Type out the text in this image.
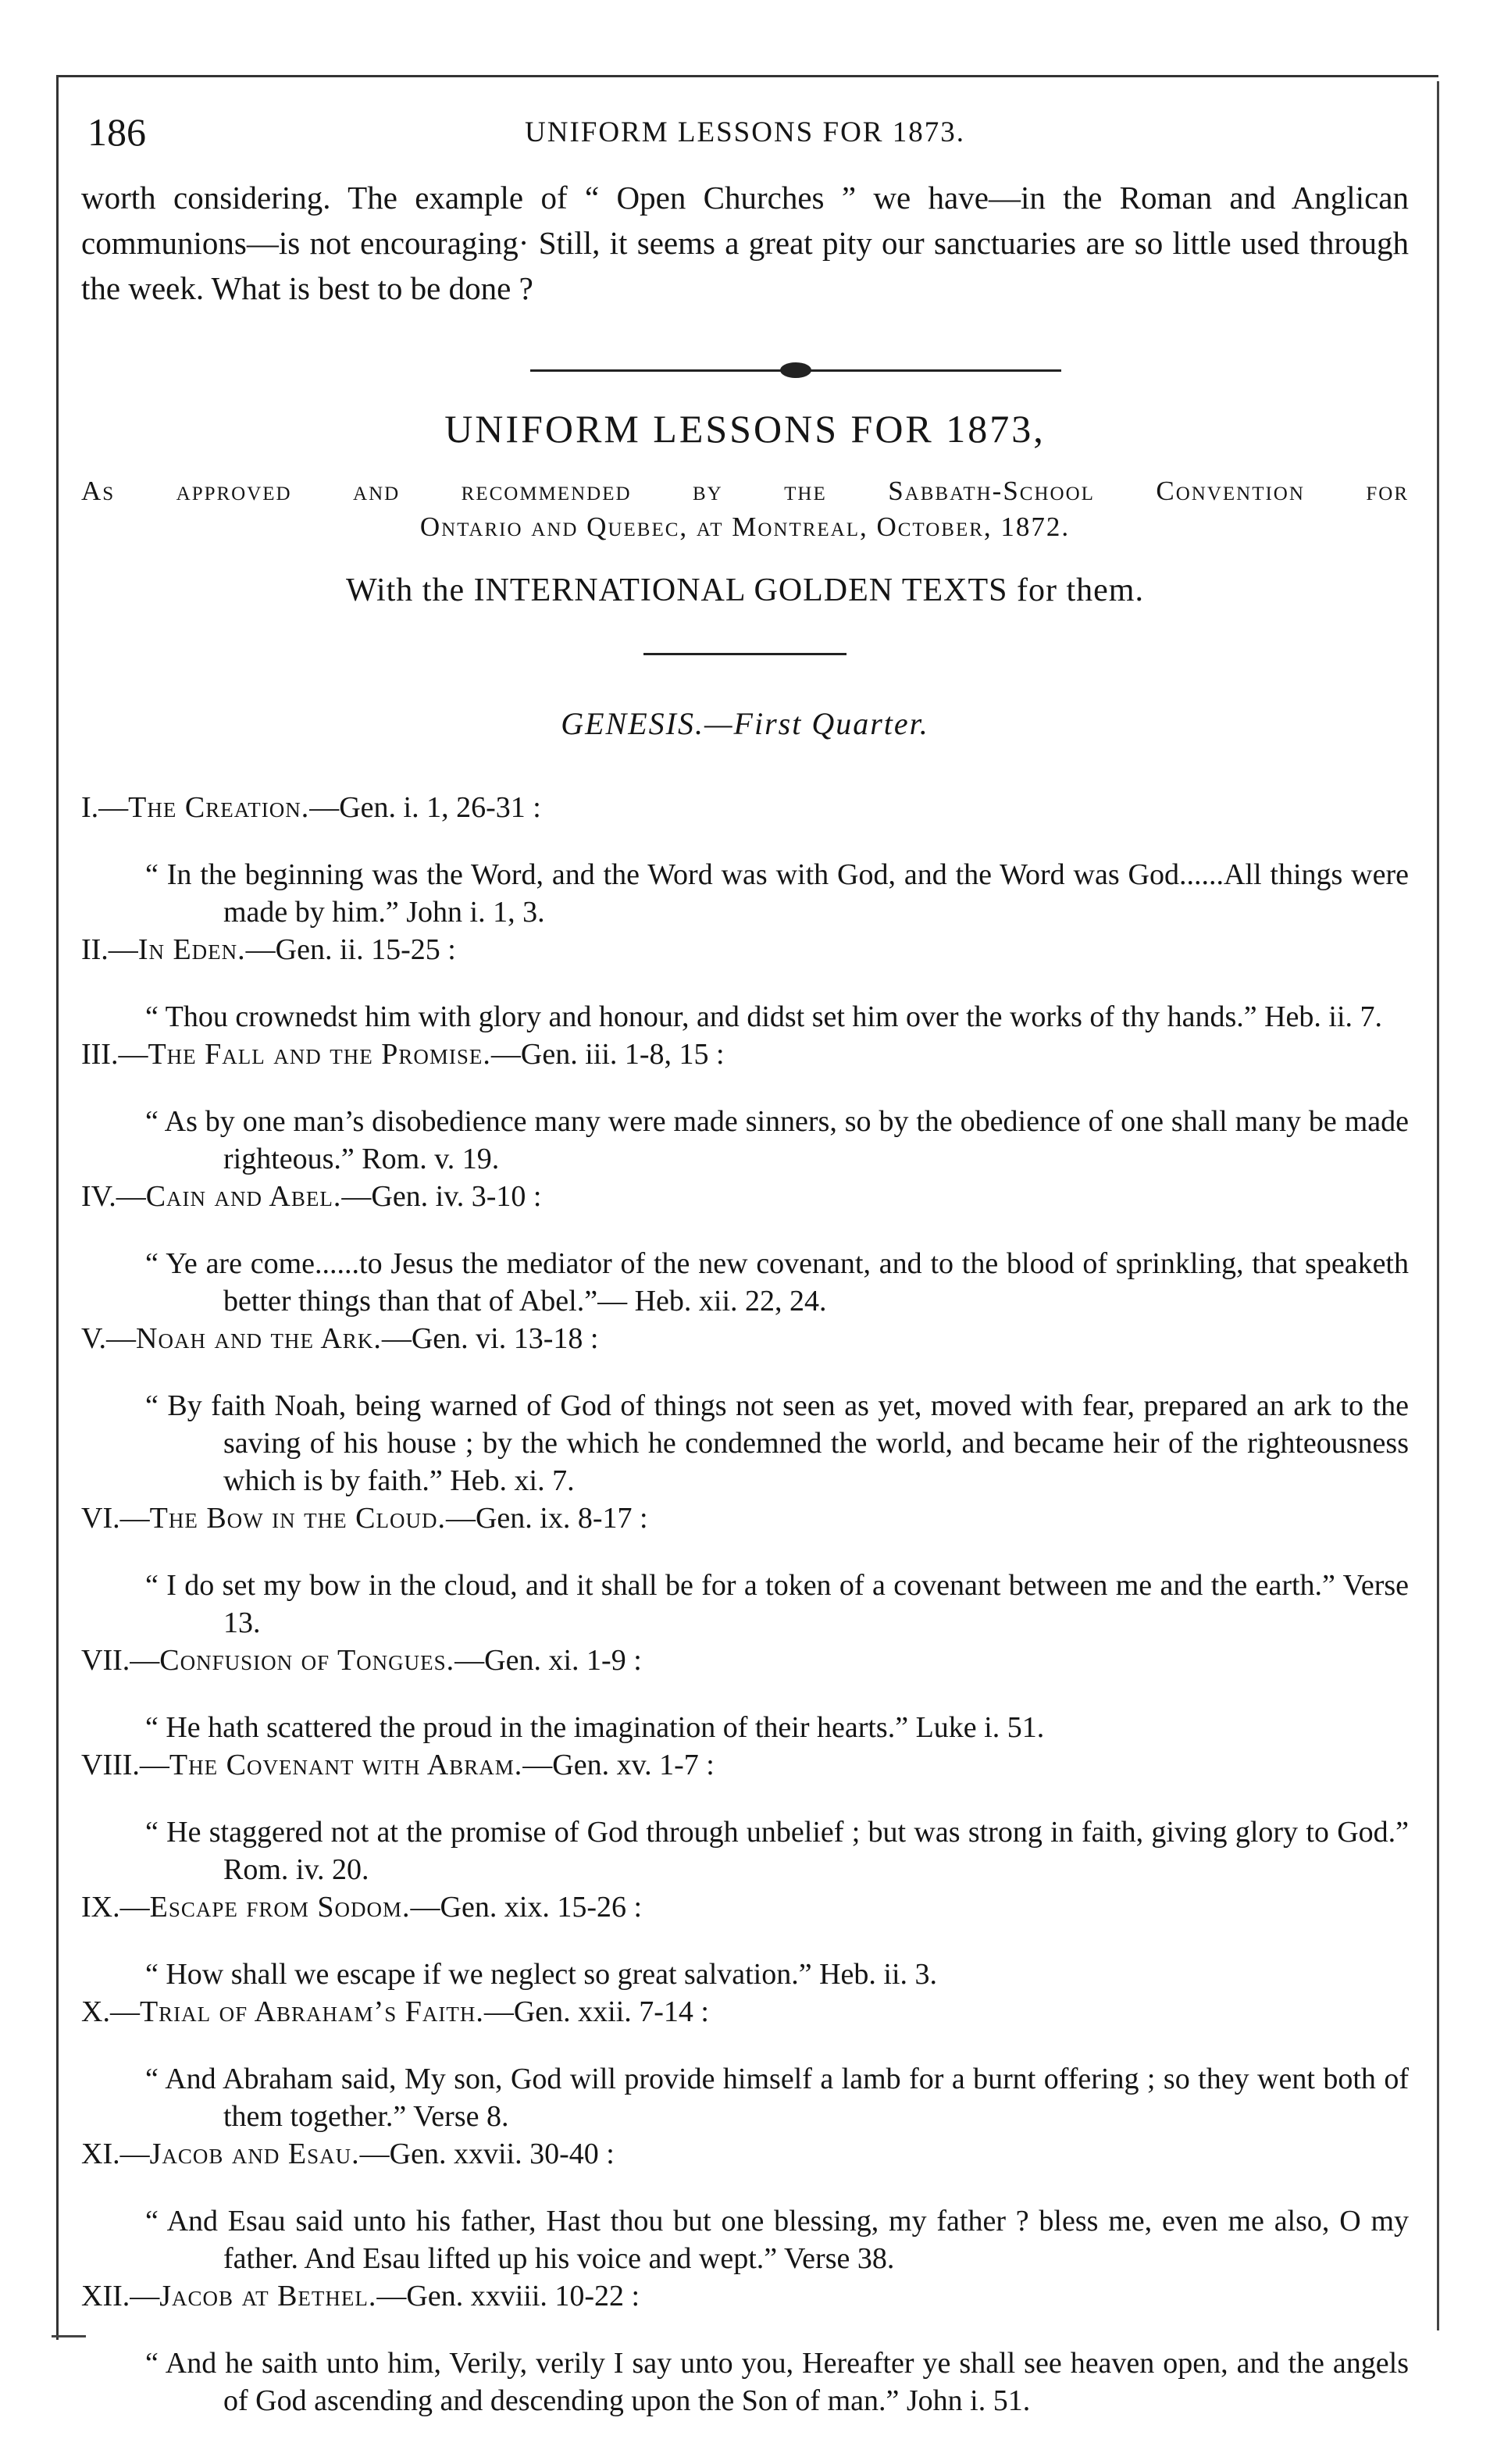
186	UNIFORM LESSONS FOR 1873.

worth considering. The example of “ Open Churches ” we have—in the Roman and Anglican communions—is not encouraging· Still, it seems a great pity our sanctuaries are so little used through the week. What is best to be done ?

UNIFORM LESSONS FOR 1873,
As approved and recommended by the Sabbath-School Convention for
Ontario and Quebec, at Montreal, October, 1872.
With the INTERNATIONAL GOLDEN TEXTS for them.
GENESIS.—First Quarter.
I.—The Creation.—Gen. i. 1, 26-31 :

“ In the beginning was the Word, and the Word was with God, and the Word was God......All things were made by him.” John i. 1, 3.

II.—In Eden.—Gen. ii. 15-25 :

“ Thou crownedst him with glory and honour, and didst set him over the works of thy hands.” Heb. ii. 7.

III.—The Fall and the Promise.—Gen. iii. 1-8, 15 :

“ As by one man’s disobedience many were made sinners, so by the obedience of one shall many be made righteous.” Rom. v. 19.

IV.—Cain and Abel.—Gen. iv. 3-10 :

“ Ye are come......to Jesus the mediator of the new covenant, and to the blood of sprinkling, that speaketh better things than that of Abel.”— Heb. xii. 22, 24.

V.—Noah and the Ark.—Gen. vi. 13-18 :

“ By faith Noah, being warned of God of things not seen as yet, moved with fear, prepared an ark to the saving of his house ; by the which he condemned the world, and became heir of the righteousness which is by faith.” Heb. xi. 7.

VI.—The Bow in the Cloud.—Gen. ix. 8-17 :

“ I do set my bow in the cloud, and it shall be for a token of a covenant between me and the earth.” Verse 13.

VII.—Confusion of Tongues.—Gen. xi. 1-9 :

“ He hath scattered the proud in the imagination of their hearts.” Luke i. 51.

VIII.—The Covenant with Abram.—Gen. xv. 1-7 :

“ He staggered not at the promise of God through unbelief ; but was strong in faith, giving glory to God.” Rom. iv. 20.

IX.—Escape from Sodom.—Gen. xix. 15-26 :

“ How shall we escape if we neglect so great salvation.” Heb. ii. 3.

X.—Trial of Abraham’s Faith.—Gen. xxii. 7-14 :

“ And Abraham said, My son, God will provide himself a lamb for a burnt offering ; so they went both of them together.” Verse 8.

XI.—Jacob and Esau.—Gen. xxvii. 30-40 :

“ And Esau said unto his father, Hast thou but one blessing, my father ? bless me, even me also, O my father. And Esau lifted up his voice and wept.” Verse 38.

XII.—Jacob at Bethel.—Gen. xxviii. 10-22 :

“ And he saith unto him, Verily, verily I say unto you, Hereafter ye shall see heaven open, and the angels of God ascending and descending upon the Son of man.” John i. 51.
